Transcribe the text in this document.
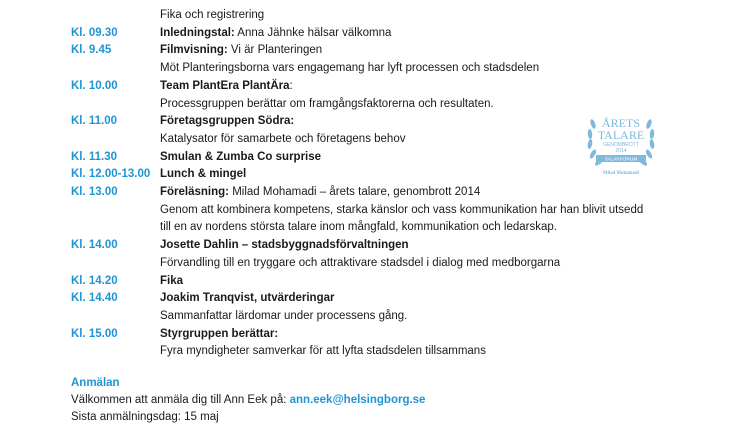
Fika och registrering
Kl. 09.30	Inledningstal: Anna Jähnke hälsar välkomna
Kl. 9.45	Filmvisning: Vi är Planteringen
Möt Planteringsborna vars engagemang har lyft processen och stadsdelen
Kl. 10.00	Team PlantEra PlantÄra:
Processgruppen berättar om framgångsfaktorerna och resultaten.
Kl. 11.00	Företagsgruppen Södra:
Katalysator för samarbete och företagens behov
Kl. 11.30	Smulan & Zumba Co surprise
Kl. 12.00-13.00 Lunch & mingel
Kl. 13.00	Föreläsning: Milad Mohamadi – årets talare, genombrott 2014
Genom att kombinera kompetens, starka känslor och vass kommunikation har han blivit utsedd
till en av nordens största talare inom mångfald, kommunikation och ledarskap.
Kl. 14.00	Josette Dahlin – stadsbyggnadsförvaltningen
Förvandling till en tryggare och attraktivare stadsdel i dialog med medborgarna
Kl. 14.20	Fika
Kl. 14.40	Joakim Tranqvist, utvärderingar
Sammanfattar lärdomar under processens gång.
Kl. 15.00	Styrgruppen berättar:
Fyra myndigheter samverkar för att lyfta stadsdelen tillsammans
Anmälan
Välkommen att anmäla dig till Ann Eek på: ann.eek@helsingborg.se
Sista anmälningsdag: 15 maj
ÅRETS
TALARE
GENOMBROTT
2014
TALARFORUM
Milad Mohamadi
